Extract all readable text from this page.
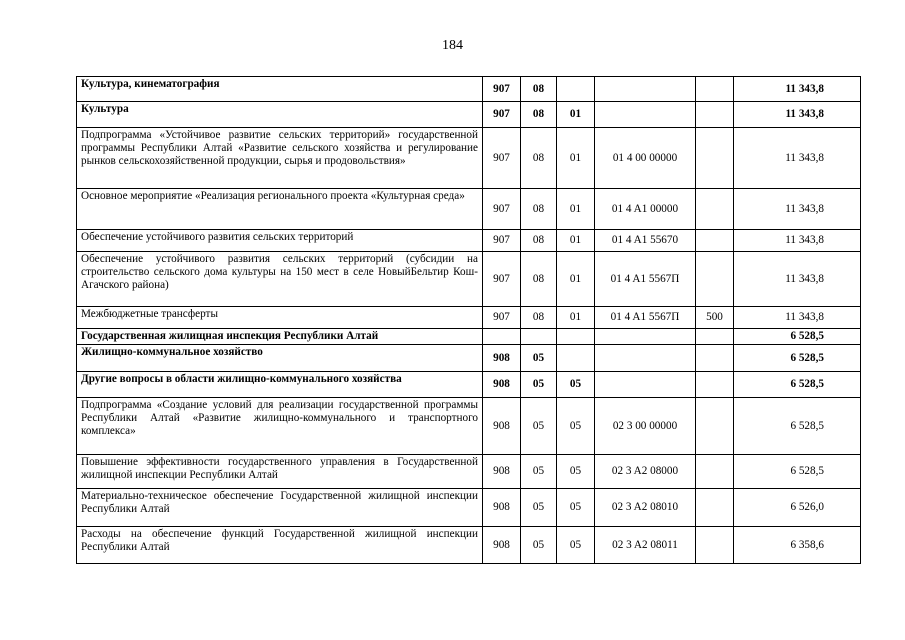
184
Культура, кинематография	907	08				11 343,8
Культура	907	08	01			11 343,8
Подпрограмма «Устойчивое развитие сельских территорий» государственной программы Республики Алтай «Развитие сельского хозяйства и регулирование рынков сельскохозяйственной продукции, сырья и продовольствия»	907	08	01	01 4 00 00000		11 343,8
Основное мероприятие «Реализация регионального проекта «Культурная среда»	907	08	01	01 4 A1 00000		11 343,8
Обеспечение устойчивого развития сельских территорий	907	08	01	01 4 A1 55670		11 343,8
Обеспечение устойчивого развития сельских территорий (субсидии на строительство сельского дома культуры на 150 мест в селе НовыйБельтир Кош-Агачского района)	907	08	01	01 4 A1 5567П		11 343,8
Межбюджетные трансферты	907	08	01	01 4 A1 5567П	500	11 343,8
Государственная жилищная инспекция Республики Алтай						6 528,5
Жилищно-коммунальное хозяйство	908	05				6 528,5
Другие вопросы в области жилищно-коммунального хозяйства	908	05	05			6 528,5
Подпрограмма «Создание условий для реализации государственной программы Республики Алтай «Развитие жилищно-коммунального и транспортного комплекса»	908	05	05	02 3 00 00000		6 528,5
Повышение эффективности государственного управления в Государственной жилищной инспекции Республики Алтай	908	05	05	02 3 A2 08000		6 528,5
Материально-техническое обеспечение Государственной жилищной инспекции Республики Алтай	908	05	05	02 3 A2 08010		6 526,0
Расходы на обеспечение функций Государственной жилищной инспекции Республики Алтай	908	05	05	02 3 A2 08011		6 358,6
